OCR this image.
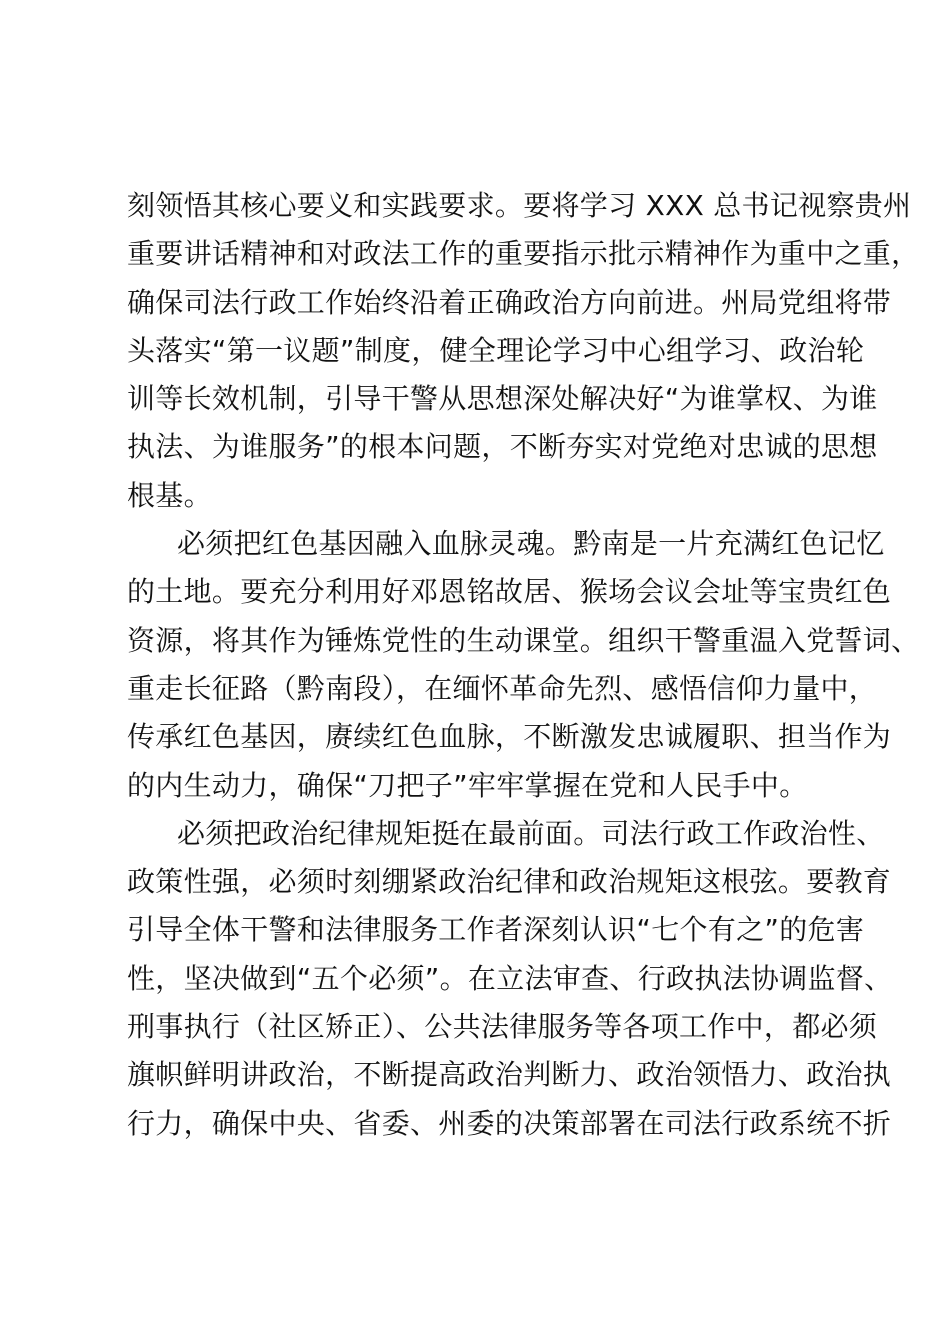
刻领悟其核心要义和实践要求。要将学习 XXX 总书记视察贵州
重要讲话精神和对政法工作的重要指示批示精神作为重中之重，
确保司法行政工作始终沿着正确政治方向前进。州局党组将带
头落实“第一议题”制度，健全理论学习中心组学习、政治轮
训等长效机制，引导干警从思想深处解决好“为谁掌权、为谁
执法、为谁服务”的根本问题，不断夯实对党绝对忠诚的思想
根基。
必须把红色基因融入血脉灵魂。黔南是一片充满红色记忆
的土地。要充分利用好邓恩铭故居、猴场会议会址等宝贵红色
资源，将其作为锤炼党性的生动课堂。组织干警重温入党誓词、
重走长征路（黔南段），在缅怀革命先烈、感悟信仰力量中，
传承红色基因，赓续红色血脉，不断激发忠诚履职、担当作为
的内生动力，确保“刀把子”牢牢掌握在党和人民手中。
必须把政治纪律规矩挺在最前面。司法行政工作政治性、
政策性强，必须时刻绷紧政治纪律和政治规矩这根弦。要教育
引导全体干警和法律服务工作者深刻认识“七个有之”的危害
性，坚决做到“五个必须”。在立法审查、行政执法协调监督、
刑事执行（社区矫正）、公共法律服务等各项工作中，都必须
旗帜鲜明讲政治，不断提高政治判断力、政治领悟力、政治执
行力，确保中央、省委、州委的决策部署在司法行政系统不折
